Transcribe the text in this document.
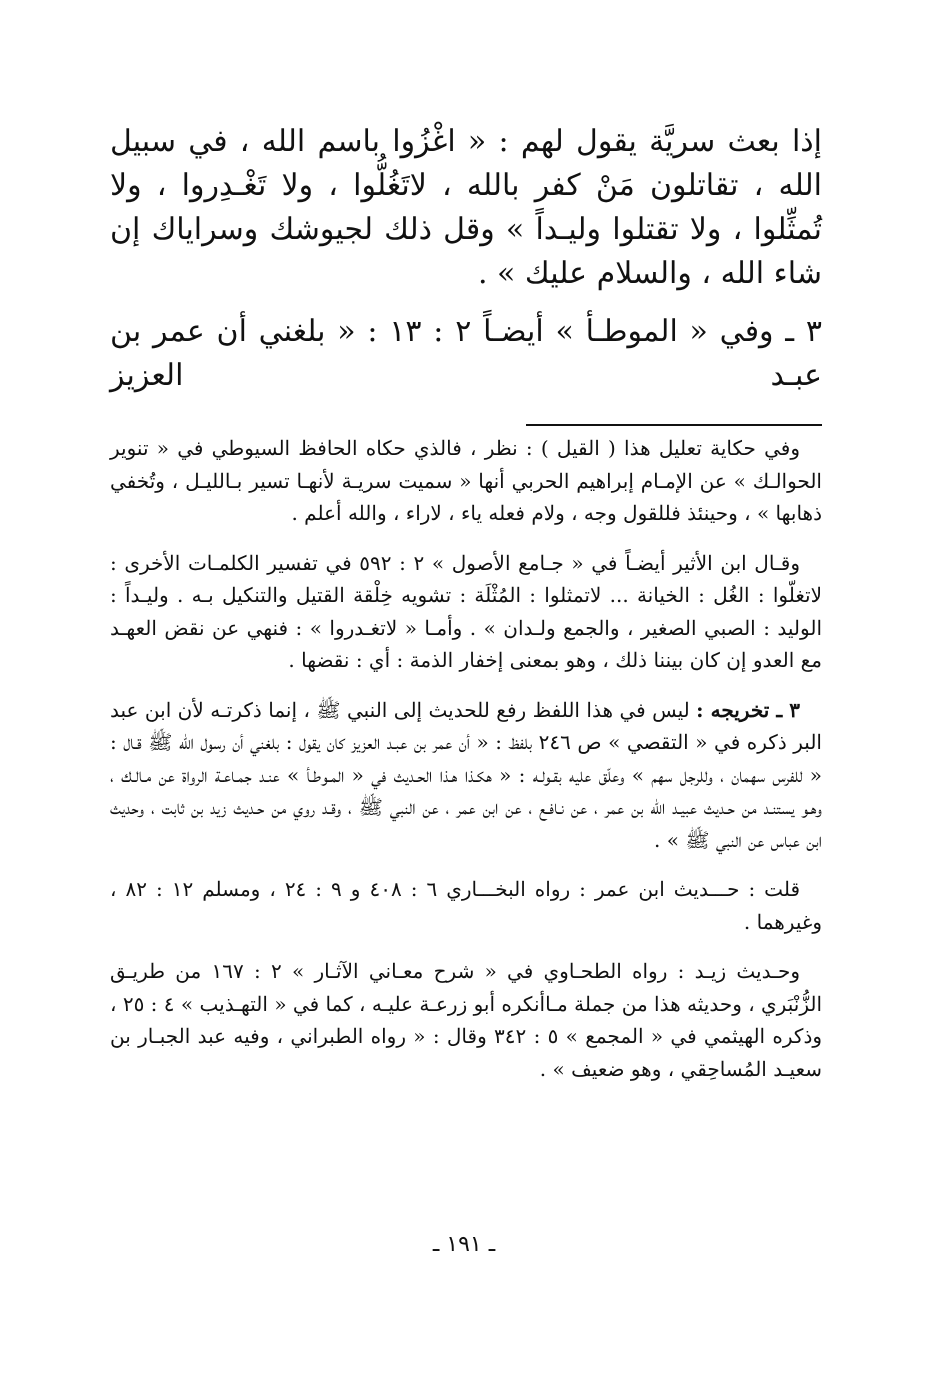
إذا بعث سريَّة يقول لهم : « اغْزُوا باسم الله ، في سبيل الله ، تقاتلون مَنْ كفر بالله ، لاتَغُلُّوا ، ولا تَغْـدِروا ، ولا تُمثِّلوا ، ولا تقتلوا وليـداً » وقل ذلك لجيوشك وسراياك إن شاء الله ، والسلام عليك » .

٣ ـ وفي « الموطـأ » أيضـاً ٢ : ١٣ : « بلغني أن عمر بن عبـد العزيز

وفي حكاية تعليل هذا ( القيل ) : نظر ، فالذي حكاه الحافظ السيوطي في « تنوير الحوالـك » عن الإمـام إبراهيم الحربي أنها « سميت سريـة لأنهـا تسير بـالليـل ، وتُخفي ذهابها » ، وحينئذ فللقول وجه ، ولام فعله ياء ، لاراء ، والله أعلم .

وقـال ابن الأثير أيضـاً في « جـامع الأصول » ٢ : ٥٩٢ في تفسير الكلمـات الأخرى : لاتغلّوا : الغُل : الخيانة ... لاتمثلوا : المُثْلَة : تشويه خِلْقة القتيل والتنكيل بـه . وليـداً : الوليد : الصبي الصغير ، والجمع ولـدان » . وأمـا « لاتغـدروا » : فنهي عن نقض العهـد مع العدو إن كان بيننا ذلك ، وهو بمعنى إخفار الذمة : أي : نقضها .

٣ ـ تخريجه : ليس في هذا اللفظ رفع للحديث إلى النبي ﷺ ، إنما ذكرتـه لأن ابن عبد البر ذكره في « التقصي » ص ٢٤٦ بلفظ : « أن عمر بن عبـد العزيز كان يقول : بلغني أن رسول الله ﷺ قـال : « للفرس سهمان ، وللرجل سهم » وعلّق عليه بقـولـه : « هكـذا هـذا الحـديث في « المـوطـأ » عنـد جمـاعـة الرواة عن مـالـك ، وهـو يستنـد من حـديث عبيـد الله بن عمر ، عن نـافـع ، عن ابن عمر ، عن النبي ﷺ ، وقـد روي من حـديث زيد بن ثابت ، وحديث ابن عباس عن النبي ﷺ » .

قلت : حـــديث ابن عمر : رواه البخـــاري ٦ : ٤٠٨ و ٩ : ٢٤ ، ومسلم ١٢ : ٨٢ ، وغيرهما .

وحـديث زيـد : رواه الطحـاوي في « شرح معـاني الآثـار » ٢ : ١٦٧ من طريـق الزُّنْبَري ، وحديثه هذا من جملة مـاأنكره أبو زرعـة عليـه ، كما في « التهـذيب » ٤ : ٢٥ ، وذكره الهيثمي في « المجمع » ٥ : ٣٤٢ وقال : « رواه الطبراني ، وفيه عبد الجبـار بن سعيـد المُساحِقي ، وهو ضعيف » .

ـ ١٩١ ـ
